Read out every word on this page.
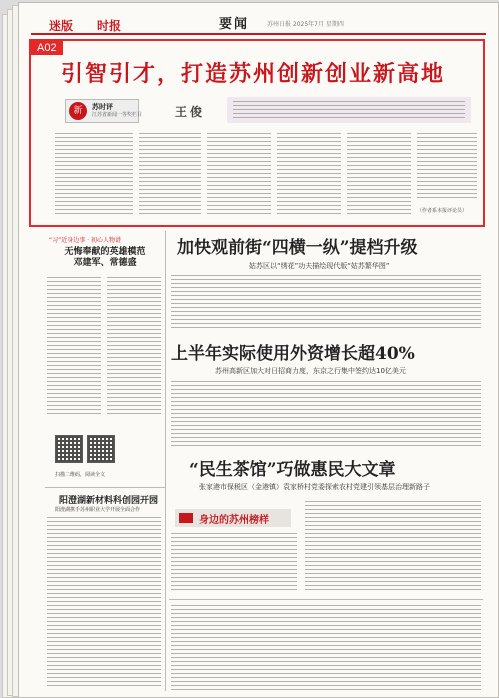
迷版 时报	要闻	苏州日报 2025年7月 星期四
A02
引智引才，打造苏州创新创业新高地
新	苏时评
江苏省新闻一等奖栏目	王俊
（作者系本报评论员）
“习”近身边事 · 初心人物谱
无悔奉献的英雄模范
邓建军、常德盛
扫描二维码，阅读全文
阳澄湖新材料科创园开园
阳澄湖携手苏州职业大学开展全面合作
加快观前街“四横一纵”提档升级
姑苏区以“绣花”功夫描绘现代版“姑苏繁华图”
上半年实际使用外资增长超40%
苏州高新区加大对日招商力度，东京之行集中签约达10亿美元
“民生茶馆”巧做惠民大文章
张家港市保税区（金港镇）袁家桥村党委探索农村党建引领基层治理新路子
身边的苏州榜样
